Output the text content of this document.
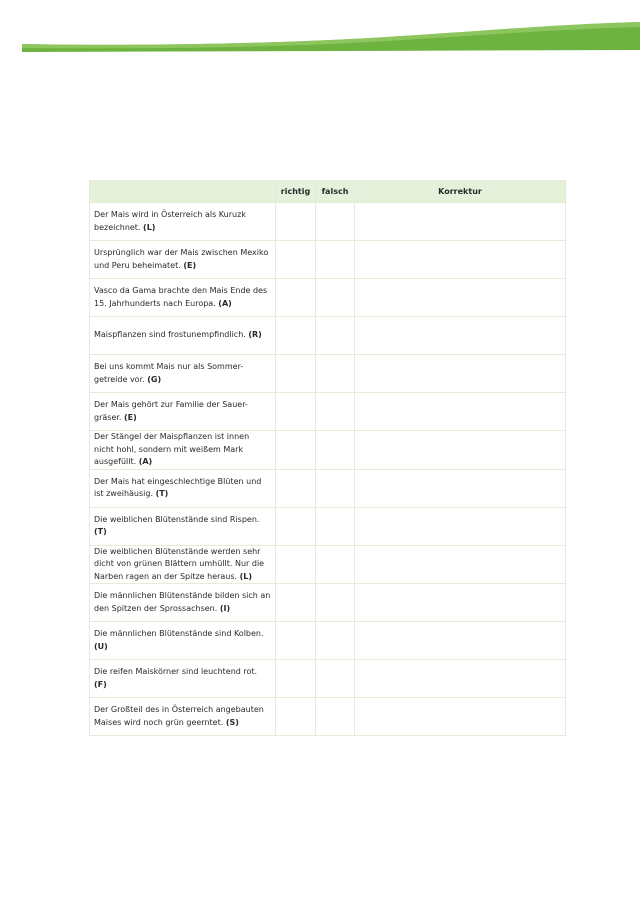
	richtig	falsch	Korrektur
Der Mais wird in Österreich als Kuruzk bezeichnet. (L)			
Ursprünglich war der Mais zwischen Mexiko und Peru beheimatet. (E)			
Vasco da Gama brachte den Mais Ende des 15. Jahrhunderts nach Europa. (A)			
Maispflanzen sind frostunempfindlich. (R)			
Bei uns kommt Mais nur als Sommer-getreide vor. (G)			
Der Mais gehört zur Familie der Sauer-gräser. (E)			
Der Stängel der Maispflanzen ist innen nicht hohl, sondern mit weißem Mark ausgefüllt. (A)			
Der Mais hat eingeschlechtige Blüten und ist zweihäusig. (T)			
Die weiblichen Blütenstände sind Rispen. (T)			
Die weiblichen Blütenstände werden sehr dicht von grünen Blättern umhüllt. Nur die Narben ragen an der Spitze heraus. (L)			
Die männlichen Blütenstände bilden sich an den Spitzen der Sprossachsen. (I)			
Die männlichen Blütenstände sind Kolben. (U)			
Die reifen Maiskörner sind leuchtend rot. (F)			
Der Großteil des in Österreich angebauten Maises wird noch grün geerntet. (S)			
